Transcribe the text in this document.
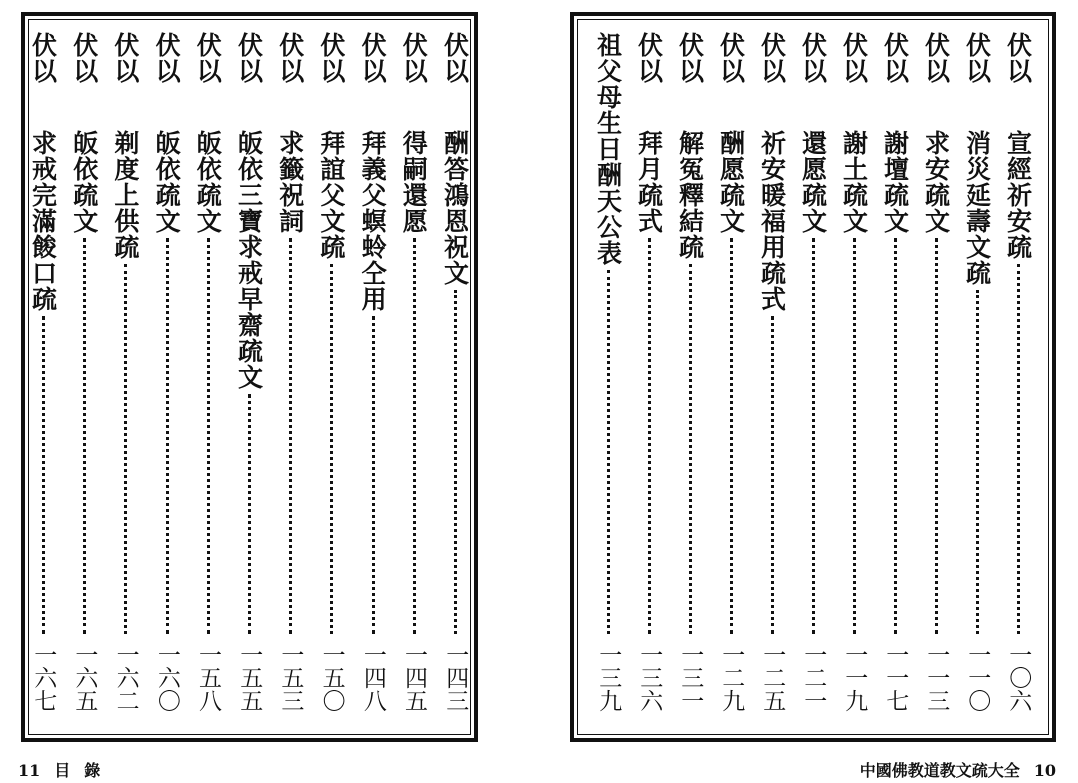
伏以
酬答鴻恩祝文
一四三
伏以
得嗣還愿
一四五
伏以
拜義父螟蛉仝用
一四八
伏以
拜誼父文疏
一五〇
伏以
求籤祝詞
一五三
伏以
皈依三寶求戒早齋疏文
一五五
伏以
皈依疏文
一五八
伏以
皈依疏文
一六〇
伏以
剃度上供疏
一六二
伏以
皈依疏文
一六五
伏以
求戒完滿餕口疏
一六七
伏以
宣經祈安疏
一〇六
伏以
消災延壽文疏
一一〇
伏以
求安疏文
一一三
伏以
謝壇疏文
一一七
伏以
謝土疏文
一一九
伏以
還愿疏文
一二一
伏以
祈安暖福用疏式
一二五
伏以
酬愿疏文
一二九
伏以
解冤釋結疏
一三一
伏以
拜月疏式
一三六
祖父母生日酬天公表
一三九
11 目 錄	中國佛教道教文疏大全 10
